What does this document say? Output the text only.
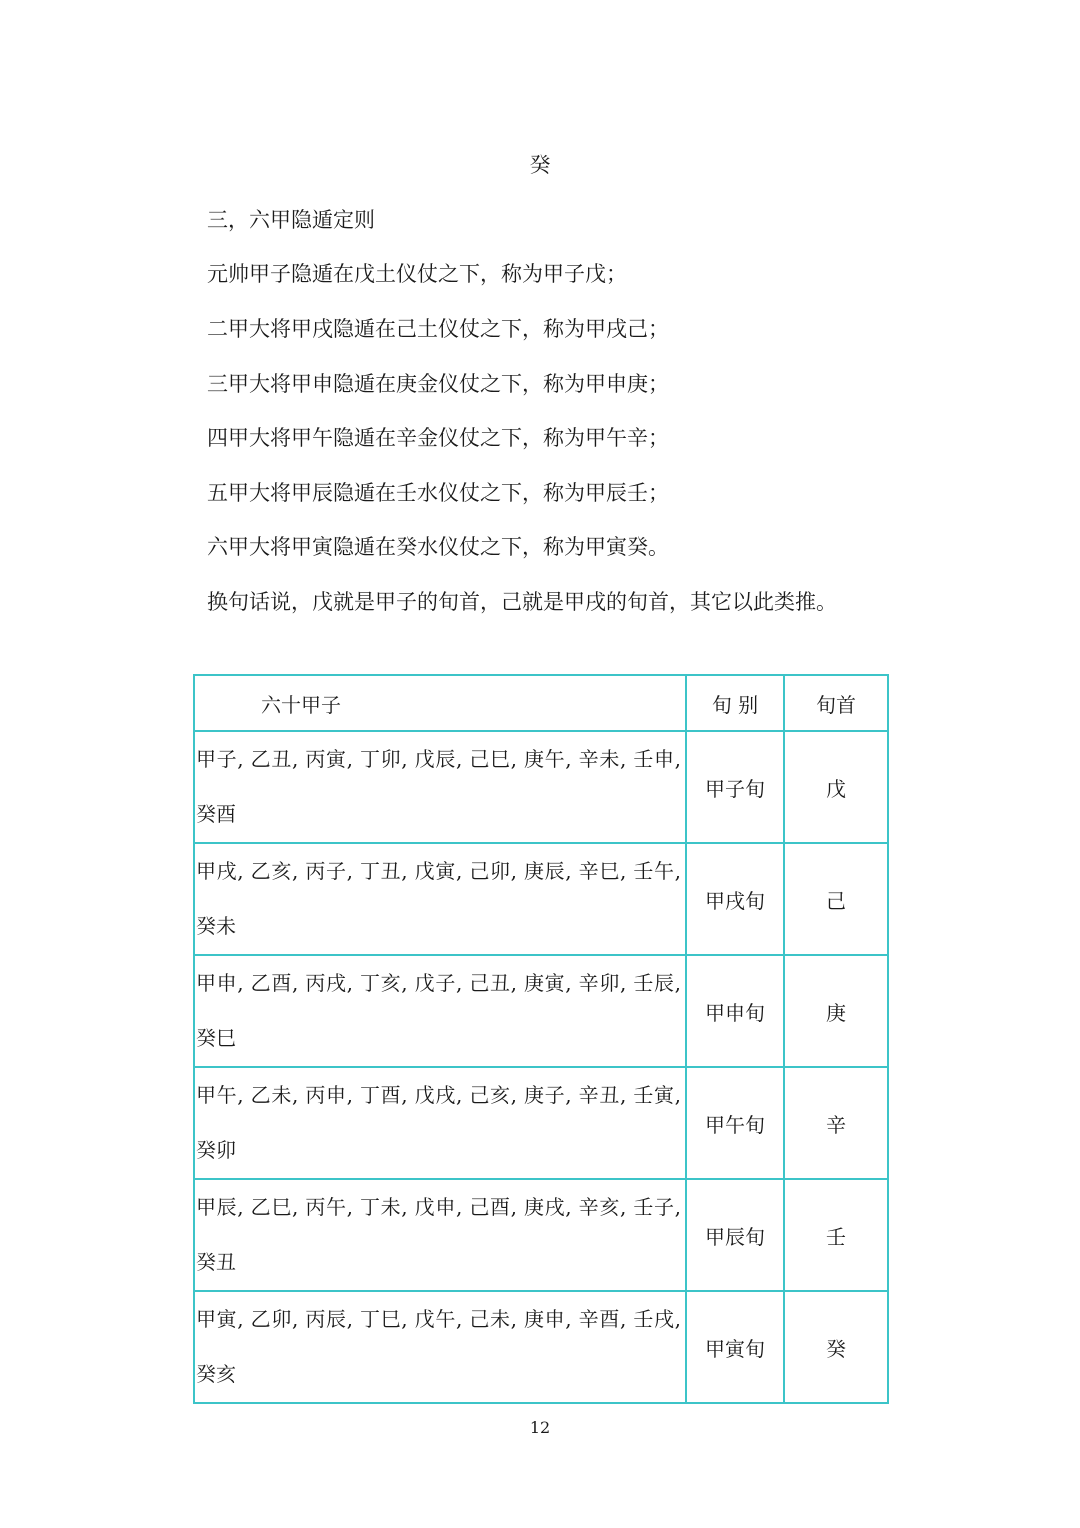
癸
三，六甲隐遁定则
元帅甲子隐遁在戊土仪仗之下，称为甲子戊；
二甲大将甲戌隐遁在己土仪仗之下，称为甲戌己；
三甲大将甲申隐遁在庚金仪仗之下，称为甲申庚；
四甲大将甲午隐遁在辛金仪仗之下，称为甲午辛；
五甲大将甲辰隐遁在壬水仪仗之下，称为甲辰壬；
六甲大将甲寅隐遁在癸水仪仗之下，称为甲寅癸。
换句话说，戊就是甲子的旬首，己就是甲戌的旬首，其它以此类推。
六十甲子	旬 别	旬首
甲子, 乙丑, 丙寅, 丁卯, 戊辰, 己巳, 庚午, 辛未, 壬申, 癸酉	甲子旬	戊
甲戌, 乙亥, 丙子, 丁丑, 戊寅, 己卯, 庚辰, 辛巳, 壬午, 癸未	甲戌旬	己
甲申, 乙酉, 丙戌, 丁亥, 戊子, 己丑, 庚寅, 辛卯, 壬辰, 癸巳	甲申旬	庚
甲午, 乙未, 丙申, 丁酉, 戊戌, 己亥, 庚子, 辛丑, 壬寅, 癸卯	甲午旬	辛
甲辰, 乙巳, 丙午, 丁未, 戊申, 己酉, 庚戌, 辛亥, 壬子, 癸丑	甲辰旬	壬
甲寅, 乙卯, 丙辰, 丁巳, 戊午, 己未, 庚申, 辛酉, 壬戌, 癸亥	甲寅旬	癸
12
